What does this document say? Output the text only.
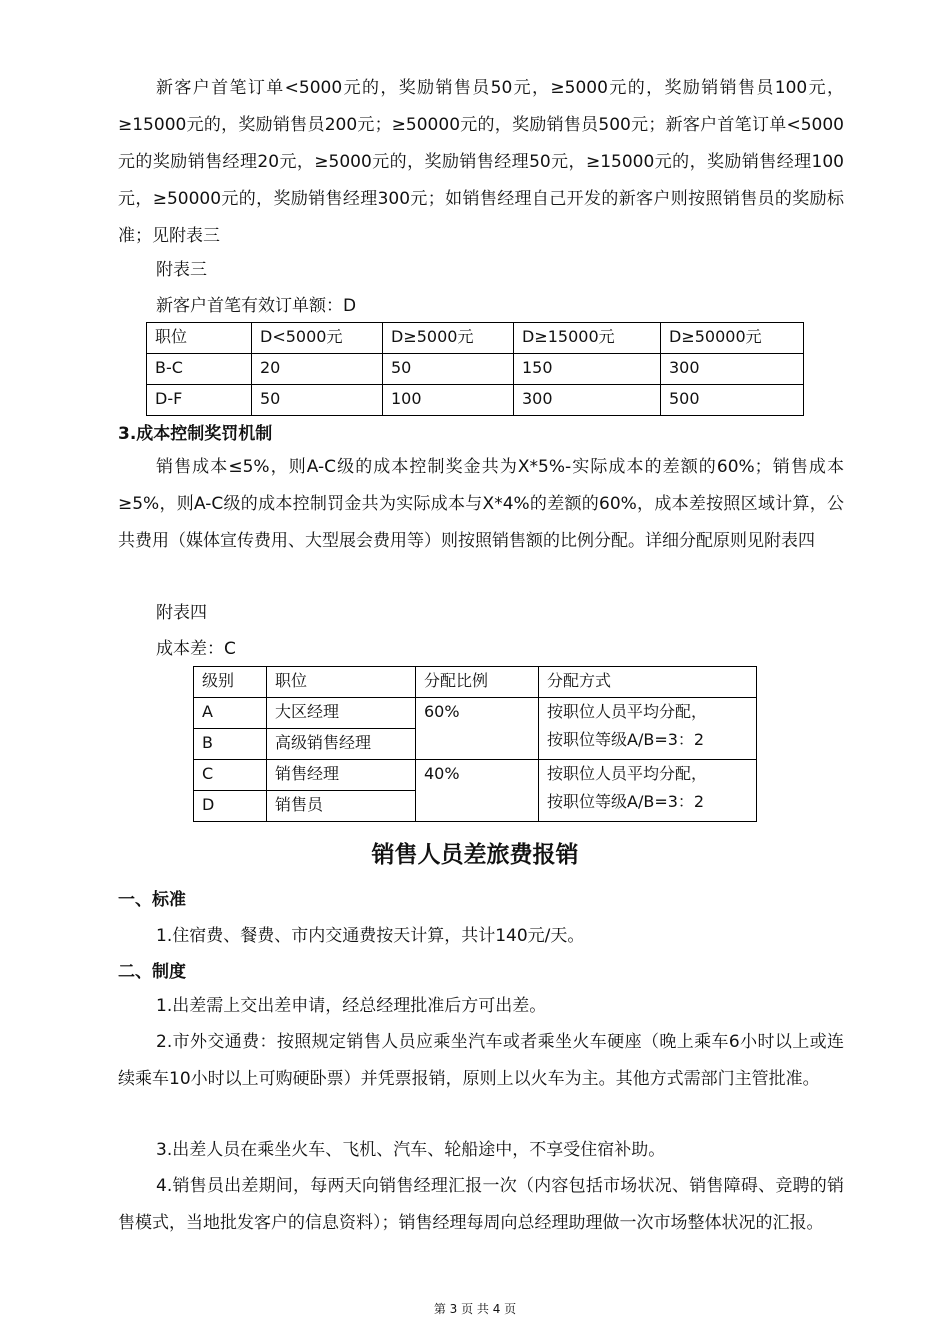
新客户首笔订单<5000元的，奖励销售员50元，≥5000元的，奖励销销售员100元，≥15000元的，奖励销售员200元；≥50000元的，奖励销售员500元；新客户首笔订单<5000元的奖励销售经理20元，≥5000元的，奖励销售经理50元，≥15000元的，奖励销售经理100元，≥50000元的，奖励销售经理300元；如销售经理自己开发的新客户则按照销售员的奖励标准；见附表三

附表三

新客户首笔有效订单额：D

职位	D<5000元	D≥5000元	D≥15000元	D≥50000元
B-C	20	50	150	300
D-F	50	100	300	500

3.成本控制奖罚机制

销售成本≤5%，则A-C级的成本控制奖金共为X*5%-实际成本的差额的60%；销售成本≥5%，则A-C级的成本控制罚金共为实际成本与X*4%的差额的60%，成本差按照区域计算，公共费用（媒体宣传费用、大型展会费用等）则按照销售额的比例分配。详细分配原则见附表四

附表四

成本差：C

级别	职位	分配比例	分配方式
A	大区经理	60%	按职位人员平均分配，
按职位等级A/B=3：2

B	高级销售经理		
C	销售经理	40%	按职位人员平均分配，
按职位等级A/B=3：2

D	销售员		

销售人员差旅费报销

一、标准

1.住宿费、餐费、市内交通费按天计算，共计140元/天。

二、制度

1.出差需上交出差申请，经总经理批准后方可出差。

2.市外交通费：按照规定销售人员应乘坐汽车或者乘坐火车硬座（晚上乘车6小时以上或连续乘车10小时以上可购硬卧票）并凭票报销，原则上以火车为主。其他方式需部门主管批准。

3.出差人员在乘坐火车、飞机、汽车、轮船途中，不享受住宿补助。

4.销售员出差期间，每两天向销售经理汇报一次（内容包括市场状况、销售障碍、竞聘的销售模式，当地批发客户的信息资料）；销售经理每周向总经理助理做一次市场整体状况的汇报。

第 3 页 共 4 页
